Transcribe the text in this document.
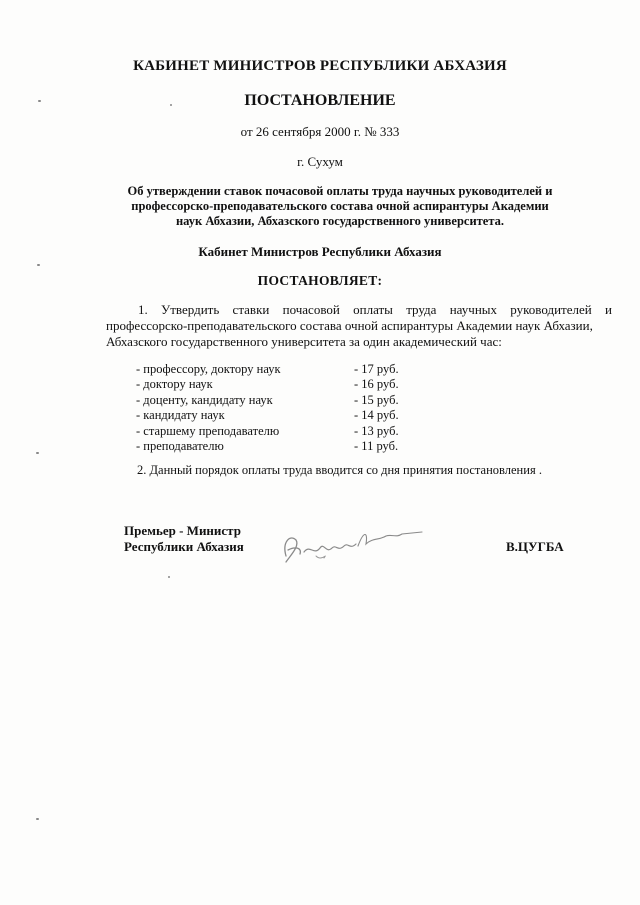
КАБИНЕТ МИНИСТРОВ РЕСПУБЛИКИ АБХАЗИЯ
ПОСТАНОВЛЕНИЕ
от 26 сентября 2000 г. № 333
г. Сухум
Об утверждении ставок почасовой оплаты труда научных руководителей и
профессорско-преподавательского состава очной аспирантуры Академии
наук Абхазии, Абхазского государственного университета.
Кабинет Министров Республики Абхазия
ПОСТАНОВЛЯЕТ:
1. Утвердить ставки почасовой оплаты труда научных руководителей и
профессорско-преподавательского состава очной аспирантуры Академии наук Абхазии,
Абхазского государственного университета за один академический час:
- профессору, доктору наук	- 17 руб.
- доктору наук	- 16 руб.
- доценту, кандидату наук	- 15 руб.
- кандидату наук	- 14 руб.
- старшему преподавателю	- 13 руб.
- преподавателю	- 11 руб.
2. Данный порядок оплаты труда вводится со дня принятия постановления .
Премьер - Министр
Республики Абхазия	В.ЦУГБА
